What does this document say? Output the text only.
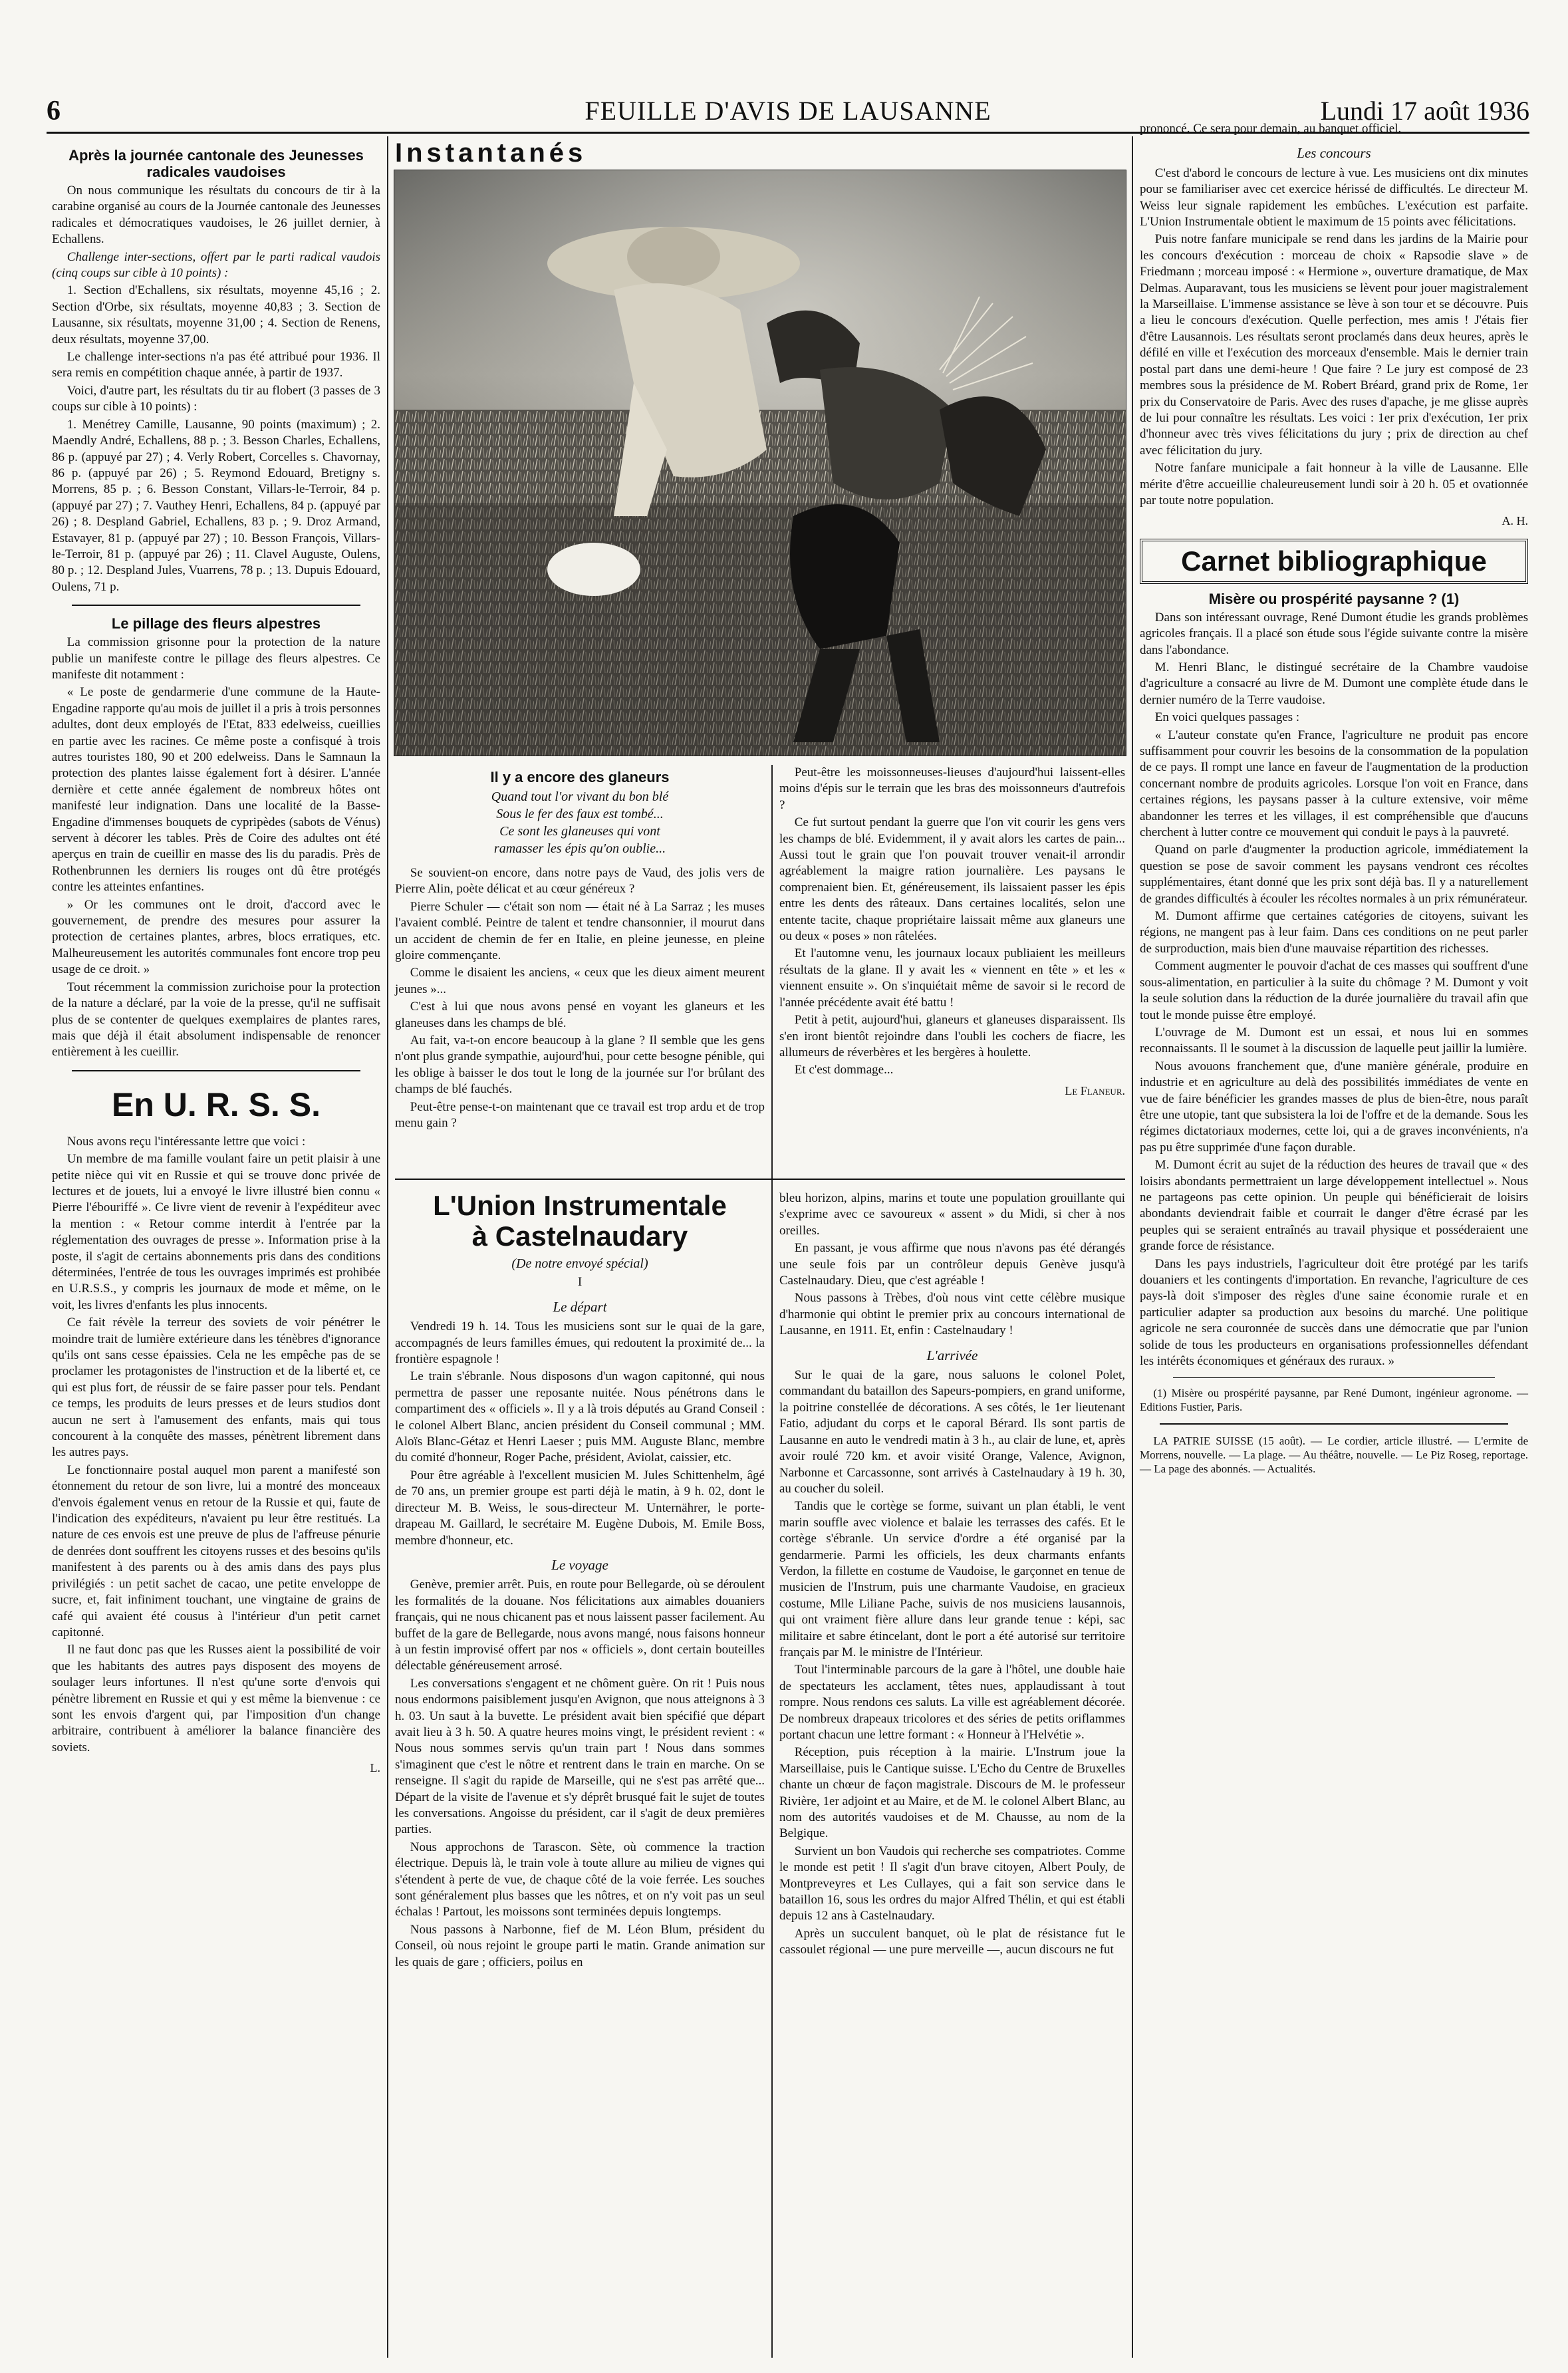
6	FEUILLE D'AVIS DE LAUSANNE	Lundi 17 août 1936
Après la journée cantonale des Jeunesses radicales vaudoises

On nous communique les résultats du concours de tir à la carabine organisé au cours de la Journée cantonale des Jeunesses radicales et démocratiques vaudoises, le 26 juillet dernier, à Echallens.

Challenge inter-sections, offert par le parti radical vaudois (cinq coups sur cible à 10 points) :

1. Section d'Echallens, six résultats, moyenne 45,16 ; 2. Section d'Orbe, six résultats, moyenne 40,83 ; 3. Section de Lausanne, six résultats, moyenne 31,00 ; 4. Section de Renens, deux résultats, moyenne 37,00.

Le challenge inter-sections n'a pas été attribué pour 1936. Il sera remis en compétition chaque année, à partir de 1937.

Voici, d'autre part, les résultats du tir au flobert (3 passes de 3 coups sur cible à 10 points) :

1. Menétrey Camille, Lausanne, 90 points (maximum) ; 2. Maendly André, Echallens, 88 p. ; 3. Besson Charles, Echallens, 86 p. (appuyé par 27) ; 4. Verly Robert, Corcelles s. Chavornay, 86 p. (appuyé par 26) ; 5. Reymond Edouard, Bretigny s. Morrens, 85 p. ; 6. Besson Constant, Villars-le-Terroir, 84 p. (appuyé par 27) ; 7. Vauthey Henri, Echallens, 84 p. (appuyé par 26) ; 8. Despland Gabriel, Echallens, 83 p. ; 9. Droz Armand, Estavayer, 81 p. (appuyé par 27) ; 10. Besson François, Villars-le-Terroir, 81 p. (appuyé par 26) ; 11. Clavel Auguste, Oulens, 80 p. ; 12. Despland Jules, Vuarrens, 78 p. ; 13. Dupuis Edouard, Oulens, 71 p.

Le pillage des fleurs alpestres

La commission grisonne pour la protection de la nature publie un manifeste contre le pillage des fleurs alpestres. Ce manifeste dit notamment :

« Le poste de gendarmerie d'une commune de la Haute-Engadine rapporte qu'au mois de juillet il a pris à trois personnes adultes, dont deux employés de l'Etat, 833 edelweiss, cueillies en partie avec les racines. Ce même poste a confisqué à trois autres touristes 180, 90 et 200 edelweiss. Dans le Samnaun la protection des plantes laisse également fort à désirer. L'année dernière et cette année également de nombreux hôtes ont manifesté leur indignation. Dans une localité de la Basse-Engadine d'immenses bouquets de cypripèdes (sabots de Vénus) servent à décorer les tables. Près de Coire des adultes ont été aperçus en train de cueillir en masse des lis du paradis. Près de Rothenbrunnen les derniers lis rouges ont dû être protégés contre les atteintes enfantines.

» Or les communes ont le droit, d'accord avec le gouvernement, de prendre des mesures pour assurer la protection de certaines plantes, arbres, blocs erratiques, etc. Malheureusement les autorités communales font encore trop peu usage de ce droit. »

Tout récemment la commission zurichoise pour la protection de la nature a déclaré, par la voie de la presse, qu'il ne suffisait plus de se contenter de quelques exemplaires de plantes rares, mais que déjà il était absolument indispensable de renoncer entièrement à les cueillir.

En U. R. S. S.

Nous avons reçu l'intéressante lettre que voici :

Un membre de ma famille voulant faire un petit plaisir à une petite nièce qui vit en Russie et qui se trouve donc privée de lectures et de jouets, lui a envoyé le livre illustré bien connu « Pierre l'ébouriffé ». Ce livre vient de revenir à l'expéditeur avec la mention : « Retour comme interdit à l'entrée par la réglementation des ouvrages de presse ». Information prise à la poste, il s'agit de certains abonnements pris dans des conditions déterminées, l'entrée de tous les ouvrages imprimés est prohibée en U.R.S.S., y compris les journaux de mode et même, on le voit, les livres d'enfants les plus innocents.

Ce fait révèle la terreur des soviets de voir pénétrer le moindre trait de lumière extérieure dans les ténèbres d'ignorance qu'ils ont sans cesse épaissies. Cela ne les empêche pas de se proclamer les protagonistes de l'instruction et de la liberté et, ce qui est plus fort, de réussir de se faire passer pour tels. Pendant ce temps, les produits de leurs presses et de leurs studios dont aucun ne sert à l'amusement des enfants, mais qui tous concourent à la conquête des masses, pénètrent librement dans les autres pays.

Le fonctionnaire postal auquel mon parent a manifesté son étonnement du retour de son livre, lui a montré des monceaux d'envois également venus en retour de la Russie et qui, faute de l'indication des expéditeurs, n'avaient pu leur être restitués. La nature de ces envois est une preuve de plus de l'affreuse pénurie de denrées dont souffrent les citoyens russes et des besoins qu'ils manifestent à des parents ou à des amis dans des pays plus privilégiés : un petit sachet de cacao, une petite enveloppe de sucre, et, fait infiniment touchant, une vingtaine de grains de café qui avaient été cousus à l'intérieur d'un petit carnet capitonné.

Il ne faut donc pas que les Russes aient la possibilité de voir que les habitants des autres pays disposent des moyens de soulager leurs infortunes. Il n'est qu'une sorte d'envois qui pénètre librement en Russie et qui y est même la bienvenue : ce sont les envois d'argent qui, par l'imposition d'un change arbitraire, contribuent à améliorer la balance financière des soviets.

L.
Instantanés
Il y a encore des glaneurs
Quand tout l'or vivant du bon blé
Sous le fer des faux est tombé...
Ce sont les glaneuses qui vont
ramasser les épis qu'on oublie...

Se souvient-on encore, dans notre pays de Vaud, des jolis vers de Pierre Alin, poète délicat et au cœur généreux ?

Pierre Schuler — c'était son nom — était né à La Sarraz ; les muses l'avaient comblé. Peintre de talent et tendre chansonnier, il mourut dans un accident de chemin de fer en Italie, en pleine jeunesse, en pleine gloire commençante.

Comme le disaient les anciens, « ceux que les dieux aiment meurent jeunes »...

C'est à lui que nous avons pensé en voyant les glaneurs et les glaneuses dans les champs de blé.

Au fait, va-t-on encore beaucoup à la glane ? Il semble que les gens n'ont plus grande sympathie, aujourd'hui, pour cette besogne pénible, qui les oblige à baisser le dos tout le long de la journée sur l'or brûlant des champs de blé fauchés.

Peut-être pense-t-on maintenant que ce travail est trop ardu et de trop menu gain ?

Peut-être les moissonneuses-lieuses d'aujourd'hui laissent-elles moins d'épis sur le terrain que les bras des moissonneurs d'autrefois ?

Ce fut surtout pendant la guerre que l'on vit courir les gens vers les champs de blé. Evidemment, il y avait alors les cartes de pain... Aussi tout le grain que l'on pouvait trouver venait-il arrondir agréablement la maigre ration journalière. Les paysans le comprenaient bien. Et, généreusement, ils laissaient passer les épis entre les dents des râteaux. Dans certaines localités, selon une entente tacite, chaque propriétaire laissait même aux glaneurs une ou deux « poses » non râtelées.

Et l'automne venu, les journaux locaux publiaient les meilleurs résultats de la glane. Il y avait les « viennent en tête » et les « viennent ensuite ». On s'inquiétait même de savoir si le record de l'année précédente avait été battu !

Petit à petit, aujourd'hui, glaneurs et glaneuses disparaissent. Ils s'en iront bientôt rejoindre dans l'oubli les cochers de fiacre, les allumeurs de réverbères et les bergères à houlette.

Et c'est dommage...

Le Flaneur.
L'Union Instrumentale
à Castelnaudary
(De notre envoyé spécial)
I
Le départ

Vendredi 19 h. 14. Tous les musiciens sont sur le quai de la gare, accompagnés de leurs familles émues, qui redoutent la proximité de... la frontière espagnole !

Le train s'ébranle. Nous disposons d'un wagon capitonné, qui nous permettra de passer une reposante nuitée. Nous pénétrons dans le compartiment des « officiels ». Il y a là trois députés au Grand Conseil : le colonel Albert Blanc, ancien président du Conseil communal ; MM. Aloïs Blanc-Gétaz et Henri Laeser ; puis MM. Auguste Blanc, membre du comité d'honneur, Roger Pache, président, Aviolat, caissier, etc.

Pour être agréable à l'excellent musicien M. Jules Schittenhelm, âgé de 70 ans, un premier groupe est parti déjà le matin, à 9 h. 02, dont le directeur M. B. Weiss, le sous-directeur M. Unternährer, le porte-drapeau M. Gaillard, le secrétaire M. Eugène Dubois, M. Emile Boss, membre d'honneur, etc.

Le voyage

Genève, premier arrêt. Puis, en route pour Bellegarde, où se déroulent les formalités de la douane. Nos félicitations aux aimables douaniers français, qui ne nous chicanent pas et nous laissent passer facilement. Au buffet de la gare de Bellegarde, nous avons mangé, nous faisons honneur à un festin improvisé offert par nos « officiels », dont certain bouteilles délectable généreusement arrosé.

Les conversations s'engagent et ne chôment guère. On rit ! Puis nous nous endormons paisiblement jusqu'en Avignon, que nous atteignons à 3 h. 03. Un saut à la buvette. Le président avait bien spécifié que départ avait lieu à 3 h. 50. A quatre heures moins vingt, le président revient : « Nous nous sommes servis qu'un train part ! Nous dans sommes s'imaginent que c'est le nôtre et rentrent dans le train en marche. On se renseigne. Il s'agit du rapide de Marseille, qui ne s'est pas arrêté que... Départ de la visite de l'avenue et s'y déprêt brusqué fait le sujet de toutes les conversations. Angoisse du président, car il s'agit de deux premières parties.

Nous approchons de Tarascon. Sète, où commence la traction électrique. Depuis là, le train vole à toute allure au milieu de vignes qui s'étendent à perte de vue, de chaque côté de la voie ferrée. Les souches sont généralement plus basses que les nôtres, et on n'y voit pas un seul échalas ! Partout, les moissons sont terminées depuis longtemps.

Nous passons à Narbonne, fief de M. Léon Blum, président du Conseil, où nous rejoint le groupe parti le matin. Grande animation sur les quais de gare ; officiers, poilus en

bleu horizon, alpins, marins et toute une population grouillante qui s'exprime avec ce savoureux « assent » du Midi, si cher à nos oreilles.

En passant, je vous affirme que nous n'avons pas été dérangés une seule fois par un contrôleur depuis Genève jusqu'à Castelnaudary. Dieu, que c'est agréable !

Nous passons à Trèbes, d'où nous vint cette célèbre musique d'harmonie qui obtint le premier prix au concours international de Lausanne, en 1911. Et, enfin : Castelnaudary !

L'arrivée

Sur le quai de la gare, nous saluons le colonel Polet, commandant du bataillon des Sapeurs-pompiers, en grand uniforme, la poitrine constellée de décorations. A ses côtés, le 1er lieutenant Fatio, adjudant du corps et le caporal Bérard. Ils sont partis de Lausanne en auto le vendredi matin à 3 h., au clair de lune, et, après avoir roulé 720 km. et avoir visité Orange, Valence, Avignon, Narbonne et Carcassonne, sont arrivés à Castelnaudary à 19 h. 30, au coucher du soleil.

Tandis que le cortège se forme, suivant un plan établi, le vent marin souffle avec violence et balaie les terrasses des cafés. Et le cortège s'ébranle. Un service d'ordre a été organisé par la gendarmerie. Parmi les officiels, les deux charmants enfants Verdon, la fillette en costume de Vaudoise, le garçonnet en tenue de musicien de l'Instrum, puis une charmante Vaudoise, en gracieux costume, Mlle Liliane Pache, suivis de nos musiciens lausannois, qui ont vraiment fière allure dans leur grande tenue : képi, sac militaire et sabre étincelant, dont le port a été autorisé sur territoire français par M. le ministre de l'Intérieur.

Tout l'interminable parcours de la gare à l'hôtel, une double haie de spectateurs les acclament, têtes nues, applaudissant à tout rompre. Nous rendons ces saluts. La ville est agréablement décorée. De nombreux drapeaux tricolores et des séries de petits oriflammes portant chacun une lettre formant : « Honneur à l'Helvétie ».

Réception, puis réception à la mairie. L'Instrum joue la Marseillaise, puis le Cantique suisse. L'Echo du Centre de Bruxelles chante un chœur de façon magistrale. Discours de M. le professeur Rivière, 1er adjoint et au Maire, et de M. le colonel Albert Blanc, au nom des autorités vaudoises et de M. Chausse, au nom de la Belgique.

Survient un bon Vaudois qui recherche ses compatriotes. Comme le monde est petit ! Il s'agit d'un brave citoyen, Albert Pouly, de Montpreveyres et Les Cullayes, qui a fait son service dans le bataillon 16, sous les ordres du major Alfred Thélin, et qui est établi depuis 12 ans à Castelnaudary.

Après un succulent banquet, où le plat de résistance fut le cassoulet régional — une pure merveille —, aucun discours ne fut

prononcé. Ce sera pour demain, au banquet officiel.

Les concours

C'est d'abord le concours de lecture à vue. Les musiciens ont dix minutes pour se familiariser avec cet exercice hérissé de difficultés. Le directeur M. Weiss leur signale rapidement les embûches. L'exécution est parfaite. L'Union Instrumentale obtient le maximum de 15 points avec félicitations.

Puis notre fanfare municipale se rend dans les jardins de la Mairie pour les concours d'exécution : morceau de choix « Rapsodie slave » de Friedmann ; morceau imposé : « Hermione », ouverture dramatique, de Max Delmas. Auparavant, tous les musiciens se lèvent pour jouer magistralement la Marseillaise. L'immense assistance se lève à son tour et se découvre. Puis a lieu le concours d'exécution. Quelle perfection, mes amis ! J'étais fier d'être Lausannois. Les résultats seront proclamés dans deux heures, après le défilé en ville et l'exécution des morceaux d'ensemble. Mais le dernier train postal part dans une demi-heure ! Que faire ? Le jury est composé de 23 membres sous la présidence de M. Robert Bréard, grand prix de Rome, 1er prix du Conservatoire de Paris. Avec des ruses d'apache, je me glisse auprès de lui pour connaître les résultats. Les voici : 1er prix d'exécution, 1er prix d'honneur avec très vives félicitations du jury ; prix de direction au chef avec félicitation du jury.

Notre fanfare municipale a fait honneur à la ville de Lausanne. Elle mérite d'être accueillie chaleureusement lundi soir à 20 h. 05 et ovationnée par toute notre population.

A. H.
Carnet bibliographique
Misère ou prospérité paysanne ? (1)

Dans son intéressant ouvrage, René Dumont étudie les grands problèmes agricoles français. Il a placé son étude sous l'égide suivante contre la misère dans l'abondance.

M. Henri Blanc, le distingué secrétaire de la Chambre vaudoise d'agriculture a consacré au livre de M. Dumont une complète étude dans le dernier numéro de la Terre vaudoise.

En voici quelques passages :

« L'auteur constate qu'en France, l'agriculture ne produit pas encore suffisamment pour couvrir les besoins de la consommation de la population de ce pays. Il rompt une lance en faveur de l'augmentation de la production concernant nombre de produits agricoles. Lorsque l'on voit en France, dans certaines régions, les paysans passer à la culture extensive, voir même abandonner les terres et les villages, il est compréhensible que d'aucuns cherchent à lutter contre ce mouvement qui conduit le pays à la pauvreté.

Quand on parle d'augmenter la production agricole, immédiatement la question se pose de savoir comment les paysans vendront ces récoltes supplémentaires, étant donné que les prix sont déjà bas. Il y a naturellement de grandes difficultés à écouler les récoltes normales à un prix rémunérateur.

M. Dumont affirme que certaines catégories de citoyens, suivant les régions, ne mangent pas à leur faim. Dans ces conditions on ne peut parler de surproduction, mais bien d'une mauvaise répartition des richesses.

Comment augmenter le pouvoir d'achat de ces masses qui souffrent d'une sous-alimentation, en particulier à la suite du chômage ? M. Dumont y voit la seule solution dans la réduction de la durée journalière du travail afin que tout le monde puisse être employé.

L'ouvrage de M. Dumont est un essai, et nous lui en sommes reconnaissants. Il le soumet à la discussion de laquelle peut jaillir la lumière.

Nous avouons franchement que, d'une manière générale, produire en industrie et en agriculture au delà des possibilités immédiates de vente en vue de faire bénéficier les grandes masses de plus de bien-être, nous paraît être une utopie, tant que subsistera la loi de l'offre et de la demande. Sous les régimes dictatoriaux modernes, cette loi, qui a de graves inconvénients, n'a pas pu être supprimée d'une façon durable.

M. Dumont écrit au sujet de la réduction des heures de travail que « des loisirs abondants permettraient un large développement intellectuel ». Nous ne partageons pas cette opinion. Un peuple qui bénéficierait de loisirs abondants deviendrait faible et courrait le danger d'être écrasé par les peuples qui se seraient entraînés au travail physique et posséderaient une grande force de résistance.

Dans les pays industriels, l'agriculteur doit être protégé par les tarifs douaniers et les contingents d'importation. En revanche, l'agriculture de ces pays-là doit s'imposer des règles d'une saine économie rurale et en particulier adapter sa production aux besoins du marché. Une politique agricole ne sera couronnée de succès dans une démocratie que par l'union solide de tous les producteurs en organisations professionnelles défendant les intérêts économiques et généraux des ruraux. »

(1) Misère ou prospérité paysanne, par René Dumont, ingénieur agronome. — Editions Fustier, Paris.

LA PATRIE SUISSE (15 août). — Le cordier, article illustré. — L'ermite de Morrens, nouvelle. — La plage. — Au théâtre, nouvelle. — Le Piz Roseg, reportage. — La page des abonnés. — Actualités.
